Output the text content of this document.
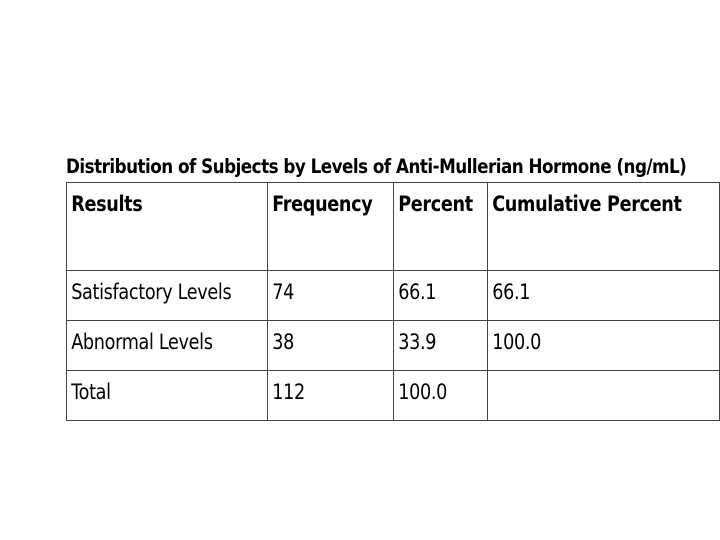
Distribution of Subjects by Levels of Anti-Mullerian Hormone (ng/mL)
Results	Frequency	Percent	Cumulative Percent

Satisfactory Levels	74	66.1	66.1

Abnormal Levels	38	33.9	100.0

Total	112	100.0	
